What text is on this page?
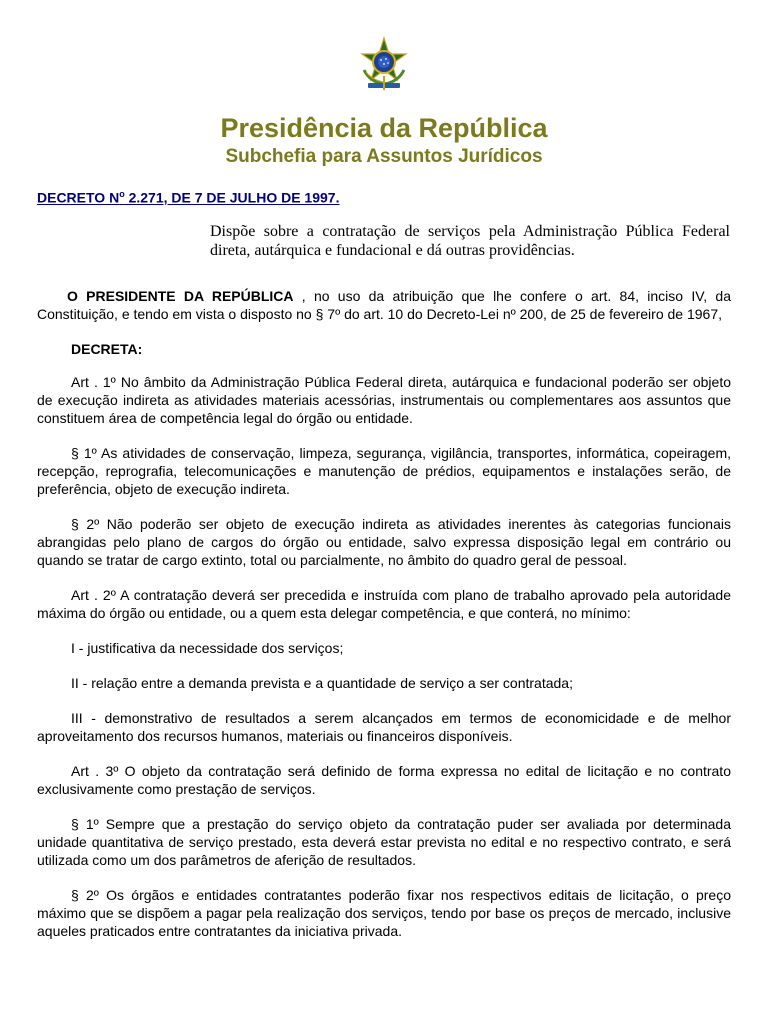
Presidência da República
Subchefia para Assuntos Jurídicos
DECRETO $N^o$ 2.271, DE 7 DE JULHO DE 1997.
Dispõe sobre a contratação de serviços pela Administração Pública Federal direta, autárquica e fundacional e dá outras providências.

O PRESIDENTE DA REPÚBLICA , no uso da atribuição que lhe confere o art. 84, inciso IV, da Constituição, e tendo em vista o disposto no § 7º do art. 10 do Decreto-Lei nº 200, de 25 de fevereiro de 1967,

DECRETA:

Art . 1º No âmbito da Administração Pública Federal direta, autárquica e fundacional poderão ser objeto de execução indireta as atividades materiais acessórias, instrumentais ou complementares aos assuntos que constituem área de competência legal do órgão ou entidade.

§ 1º As atividades de conservação, limpeza, segurança, vigilância, transportes, informática, copeiragem, recepção, reprografia, telecomunicações e manutenção de prédios, equipamentos e instalações serão, de preferência, objeto de execução indireta.

§ 2º Não poderão ser objeto de execução indireta as atividades inerentes às categorias funcionais abrangidas pelo plano de cargos do órgão ou entidade, salvo expressa disposição legal em contrário ou quando se tratar de cargo extinto, total ou parcialmente, no âmbito do quadro geral de pessoal.

Art . 2º A contratação deverá ser precedida e instruída com plano de trabalho aprovado pela autoridade máxima do órgão ou entidade, ou a quem esta delegar competência, e que conterá, no mínimo:

I - justificativa da necessidade dos serviços;

II - relação entre a demanda prevista e a quantidade de serviço a ser contratada;

III - demonstrativo de resultados a serem alcançados em termos de economicidade e de melhor aproveitamento dos recursos humanos, materiais ou financeiros disponíveis.

Art . 3º O objeto da contratação será definido de forma expressa no edital de licitação e no contrato exclusivamente como prestação de serviços.

§ 1º Sempre que a prestação do serviço objeto da contratação puder ser avaliada por determinada unidade quantitativa de serviço prestado, esta deverá estar prevista no edital e no respectivo contrato, e será utilizada como um dos parâmetros de aferição de resultados.

§ 2º Os órgãos e entidades contratantes poderão fixar nos respectivos editais de licitação, o preço máximo que se dispõem a pagar pela realização dos serviços, tendo por base os preços de mercado, inclusive aqueles praticados entre contratantes da iniciativa privada.
